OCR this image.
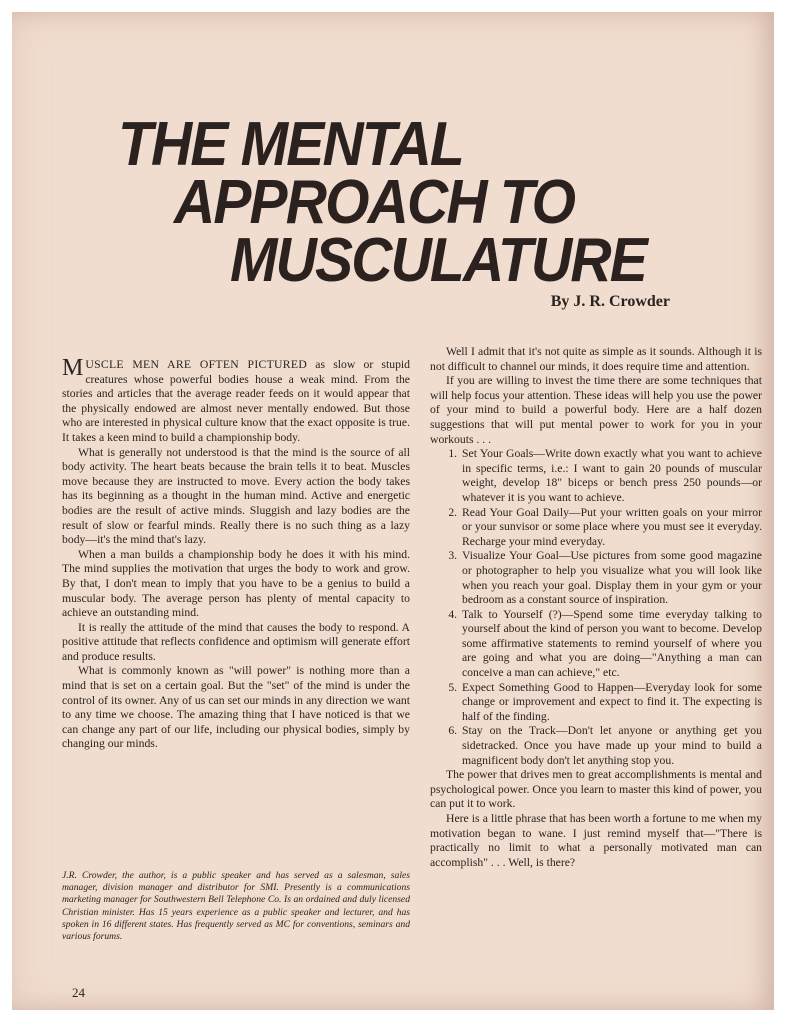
THE MENTAL
APPROACH TO
MUSCULATURE
By J. R. Crowder

MUSCLE MEN ARE OFTEN PICTURED as slow or stupid creatures whose powerful bodies house a weak mind. From the stories and articles that the average reader feeds on it would appear that the physically endowed are almost never mentally endowed. But those who are interested in physical culture know that the exact opposite is true. It takes a keen mind to build a championship body.

What is generally not understood is that the mind is the source of all body activity. The heart beats because the brain tells it to beat. Muscles move because they are instructed to move. Every action the body takes has its beginning as a thought in the human mind. Active and energetic bodies are the result of active minds. Sluggish and lazy bodies are the result of slow or fearful minds. Really there is no such thing as a lazy body—it's the mind that's lazy.

When a man builds a championship body he does it with his mind. The mind supplies the motivation that urges the body to work and grow. By that, I don't mean to imply that you have to be a genius to build a muscular body. The average person has plenty of mental capacity to achieve an outstanding mind.

It is really the attitude of the mind that causes the body to respond. A positive attitude that reflects confidence and optimism will generate effort and produce results.

What is commonly known as "will power" is nothing more than a mind that is set on a certain goal. But the "set" of the mind is under the control of its owner. Any of us can set our minds in any direction we want to any time we choose. The amazing thing that I have noticed is that we can change any part of our life, including our physical bodies, simply by changing our minds.

J.R. Crowder, the author, is a public speaker and has served as a salesman, sales manager, division manager and distributor for SMI. Presently is a communications marketing manager for Southwestern Bell Telephone Co. Is an ordained and duly licensed Christian minister. Has 15 years experience as a public speaker and lecturer, and has spoken in 16 different states. Has frequently served as MC for conventions, seminars and various forums.

Well I admit that it's not quite as simple as it sounds. Although it is not difficult to channel our minds, it does require time and attention.

If you are willing to invest the time there are some techniques that will help focus your attention. These ideas will help you use the power of your mind to build a powerful body. Here are a half dozen suggestions that will put mental power to work for you in your workouts . . .

1. Set Your Goals—Write down exactly what you want to achieve in specific terms, i.e.: I want to gain 20 pounds of muscular weight, develop 18" biceps or bench press 250 pounds—or whatever it is you want to achieve.
2. Read Your Goal Daily—Put your written goals on your mirror or your sunvisor or some place where you must see it everyday. Recharge your mind everyday.
3. Visualize Your Goal—Use pictures from some good magazine or photographer to help you visualize what you will look like when you reach your goal. Display them in your gym or your bedroom as a constant source of inspiration.
4. Talk to Yourself (?)—Spend some time everyday talking to yourself about the kind of person you want to become. Develop some affirmative statements to remind yourself of where you are going and what you are doing—"Anything a man can conceive a man can achieve," etc.
5. Expect Something Good to Happen—Everyday look for some change or improvement and expect to find it. The expecting is half of the finding.
6. Stay on the Track—Don't let anyone or anything get you sidetracked. Once you have made up your mind to build a magnificent body don't let anything stop you.

The power that drives men to great accomplishments is mental and psychological power. Once you learn to master this kind of power, you can put it to work.

Here is a little phrase that has been worth a fortune to me when my motivation began to wane. I just remind myself that—"There is practically no limit to what a personally motivated man can accomplish" . . . Well, is there?

24
